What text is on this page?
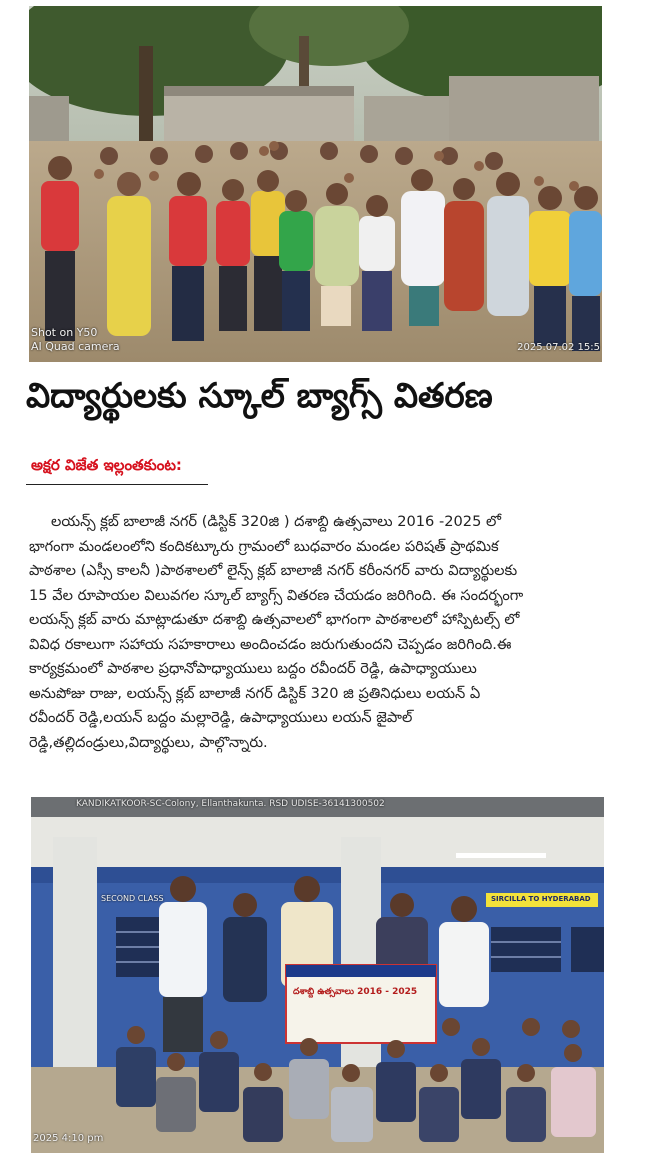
Shot on Y50
AI Quad camera	2025.07.02 15:5
విద్యార్థులకు స్కూల్ బ్యాగ్స్ వితరణ
అక్షర విజేత ఇల్లంతకుంట:
లయన్స్ క్లబ్ బాలాజీ నగర్ (డిస్టిక్ 320జి ) దశాబ్ది ఉత్సవాలు 2016 -2025 లో
భాగంగా మండలంలోని కందికట్కూరు గ్రామంలో బుధవారం మండల పరిషత్ ప్రాథమిక
పాఠశాల (ఎస్సీ కాలనీ )పాఠశాలలో లైన్స్ క్లబ్ బాలాజీ నగర్ కరీంనగర్ వారు విద్యార్థులకు
15 వేల రూపాయల విలువగల స్కూల్ బ్యాగ్స్ వితరణ చేయడం జరిగింది. ఈ సందర్భంగా
లయన్స్ క్లబ్ వారు మాట్లాడుతూ దశాబ్ది ఉత్సవాలలో భాగంగా పాఠశాలలో హాస్పిటల్స్ లో
వివిధ రకాలుగా సహాయ సహకారాలు అందించడం జరుగుతుందని చెప్పడం జరిగింది.ఈ
కార్యక్రమంలో పాఠశాల ప్రధానోపాధ్యాయులు బద్దం రవీందర్ రెడ్డి, ఉపాధ్యాయులు
అనుపోజు రాజు, లయన్స్ క్లబ్ బాలాజీ నగర్ డిస్టిక్ 320 జి ప్రతినిధులు లయన్ ఏ
రవీందర్ రెడ్డి,లయన్ బద్దం మల్లారెడ్డి, ఉపాధ్యాయులు లయన్ జైపాల్
రెడ్డి,తల్లిదండ్రులు,విద్యార్థులు, పాల్గొన్నారు.
KANDIKATKOOR-SC-Colony, Ellanthakunta. RSD UDISE-36141300502
SECOND CLASS	SIRCILLA TO HYDERABAD
దశాబ్ది ఉత్సవాలు 2016 - 2025
2025 4:10 pm
